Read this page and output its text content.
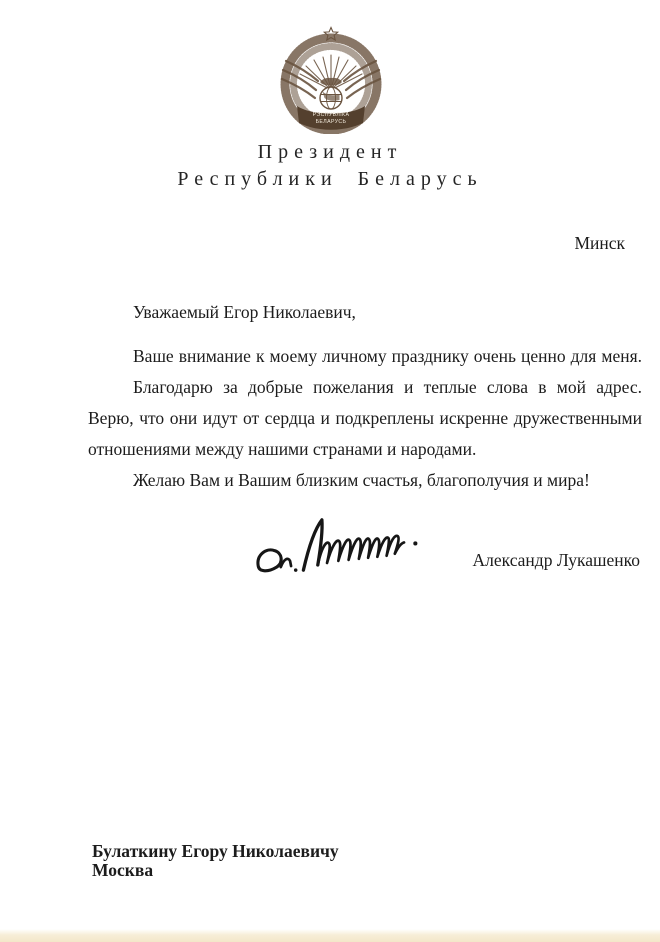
РЭСПУБЛІКА
БЕЛАРУСЬ
Президент
Республики Беларусь
Минск
Уважаемый Егор Николаевич,
Ваше внимание к моему личному празднику очень ценно для меня.
Благодарю за добрые пожелания и теплые слова в мой адрес.
Верю, что они идут от сердца и подкреплены искренне дружественными
отношениями между нашими странами и народами.
Желаю Вам и Вашим близким счастья, благополучия и мира!
Александр Лукашенко
Булаткину Егору Николаевичу
Москва
